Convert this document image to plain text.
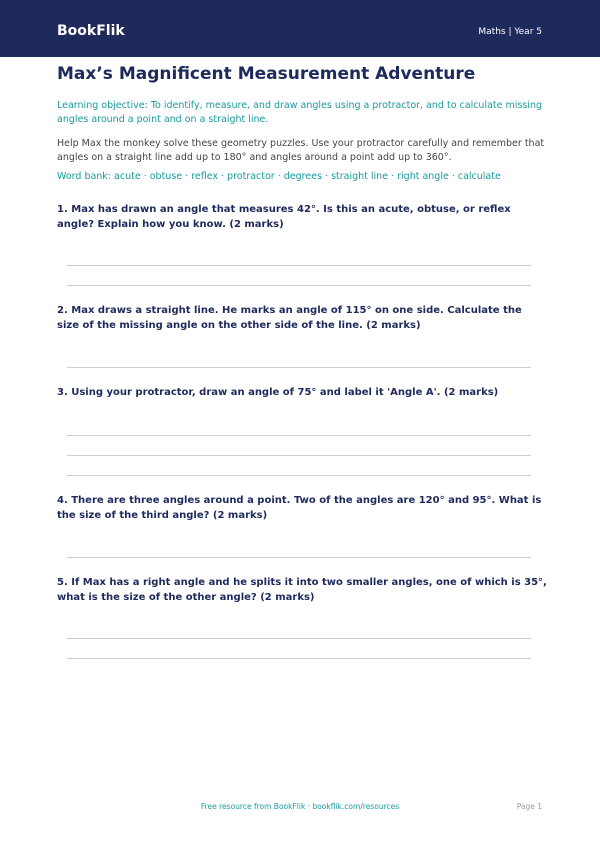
BookFlik	Maths | Year 5
Max’s Magnificent Measurement Adventure
Learning objective: To identify, measure, and draw angles using a protractor, and to calculate missing angles around a point and on a straight line.
Help Max the monkey solve these geometry puzzles. Use your protractor carefully and remember that angles on a straight line add up to 180° and angles around a point add up to 360°.
Word bank: acute · obtuse · reflex · protractor · degrees · straight line · right angle · calculate
1. Max has drawn an angle that measures 42°. Is this an acute, obtuse, or reflex angle? Explain how you know. (2 marks)
2. Max draws a straight line. He marks an angle of 115° on one side. Calculate the size of the missing angle on the other side of the line. (2 marks)
3. Using your protractor, draw an angle of 75° and label it 'Angle A'. (2 marks)
4. There are three angles around a point. Two of the angles are 120° and 95°. What is the size of the third angle? (2 marks)
5. If Max has a right angle and he splits it into two smaller angles, one of which is 35°, what is the size of the other angle? (2 marks)
Free resource from BookFlik · bookflik.com/resources	Page 1
